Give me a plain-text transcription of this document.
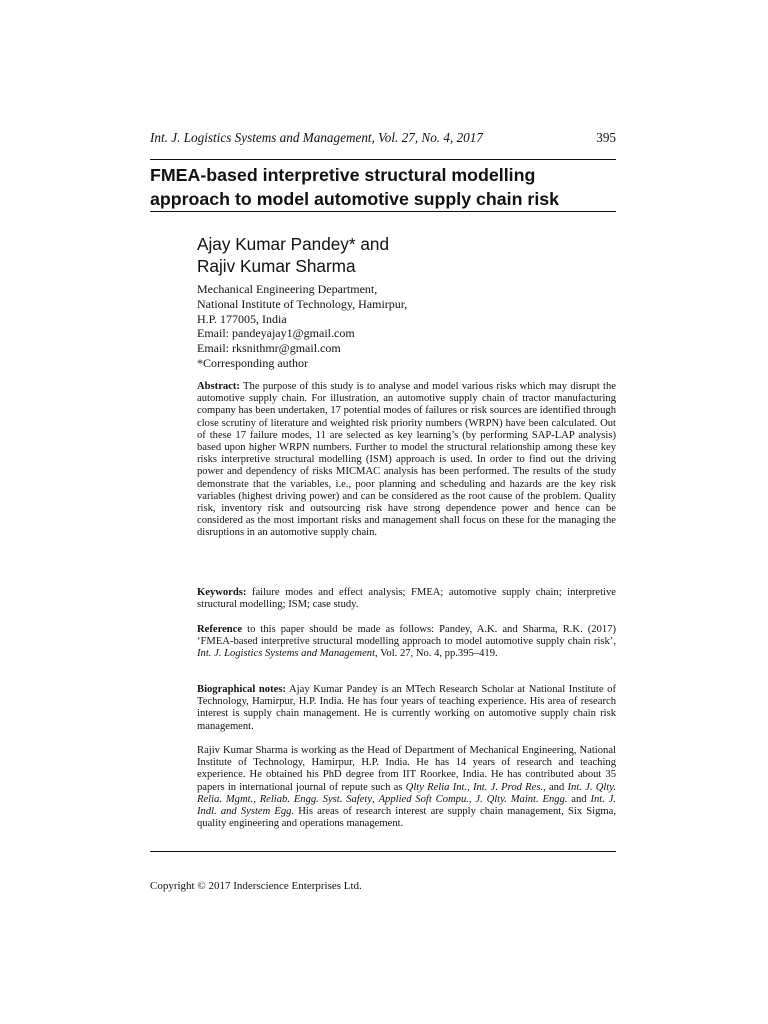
Int. J. Logistics Systems and Management, Vol. 27, No. 4, 2017	395
FMEA-based interpretive structural modelling approach to model automotive supply chain risk
Ajay Kumar Pandey* and
Rajiv Kumar Sharma
Mechanical Engineering Department,
National Institute of Technology, Hamirpur,
H.P. 177005, India
Email: pandeyajay1@gmail.com
Email: rksnithmr@gmail.com
*Corresponding author
Abstract: The purpose of this study is to analyse and model various risks which may disrupt the automotive supply chain. For illustration, an automotive supply chain of tractor manufacturing company has been undertaken, 17 potential modes of failures or risk sources are identified through close scrutiny of literature and weighted risk priority numbers (WRPN) have been calculated. Out of these 17 failure modes, 11 are selected as key learning’s (by performing SAP-LAP analysis) based upon higher WRPN numbers. Further to model the structural relationship among these key risks interpretive structural modelling (ISM) approach is used. In order to find out the driving power and dependency of risks MICMAC analysis has been performed. The results of the study demonstrate that the variables, i.e., poor planning and scheduling and hazards are the key risk variables (highest driving power) and can be considered as the root cause of the problem. Quality risk, inventory risk and outsourcing risk have strong dependence power and hence can be considered as the most important risks and management shall focus on these for the managing the disruptions in an automotive supply chain.
Keywords: failure modes and effect analysis; FMEA; automotive supply chain; interpretive structural modelling; ISM; case study.
Reference to this paper should be made as follows: Pandey, A.K. and Sharma, R.K. (2017) ‘FMEA-based interpretive structural modelling approach to model automotive supply chain risk’, Int. J. Logistics Systems and Management, Vol. 27, No. 4, pp.395–419.
Biographical notes: Ajay Kumar Pandey is an MTech Research Scholar at National Institute of Technology, Hamirpur, H.P. India. He has four years of teaching experience. His area of research interest is supply chain management. He is currently working on automotive supply chain risk management.
Rajiv Kumar Sharma is working as the Head of Department of Mechanical Engineering, National Institute of Technology, Hamirpur, H.P. India. He has 14 years of research and teaching experience. He obtained his PhD degree from IIT Roorkee, India. He has contributed about 35 papers in international journal of repute such as Qlty Relia Int., Int. J. Prod Res., and Int. J. Qlty. Relia. Mgmt., Reliab. Engg. Syst. Safety, Applied Soft Compu., J. Qlty. Maint. Engg. and Int. J. Indl. and System Egg. His areas of research interest are supply chain management, Six Sigma, quality engineering and operations management.
Copyright © 2017 Inderscience Enterprises Ltd.
